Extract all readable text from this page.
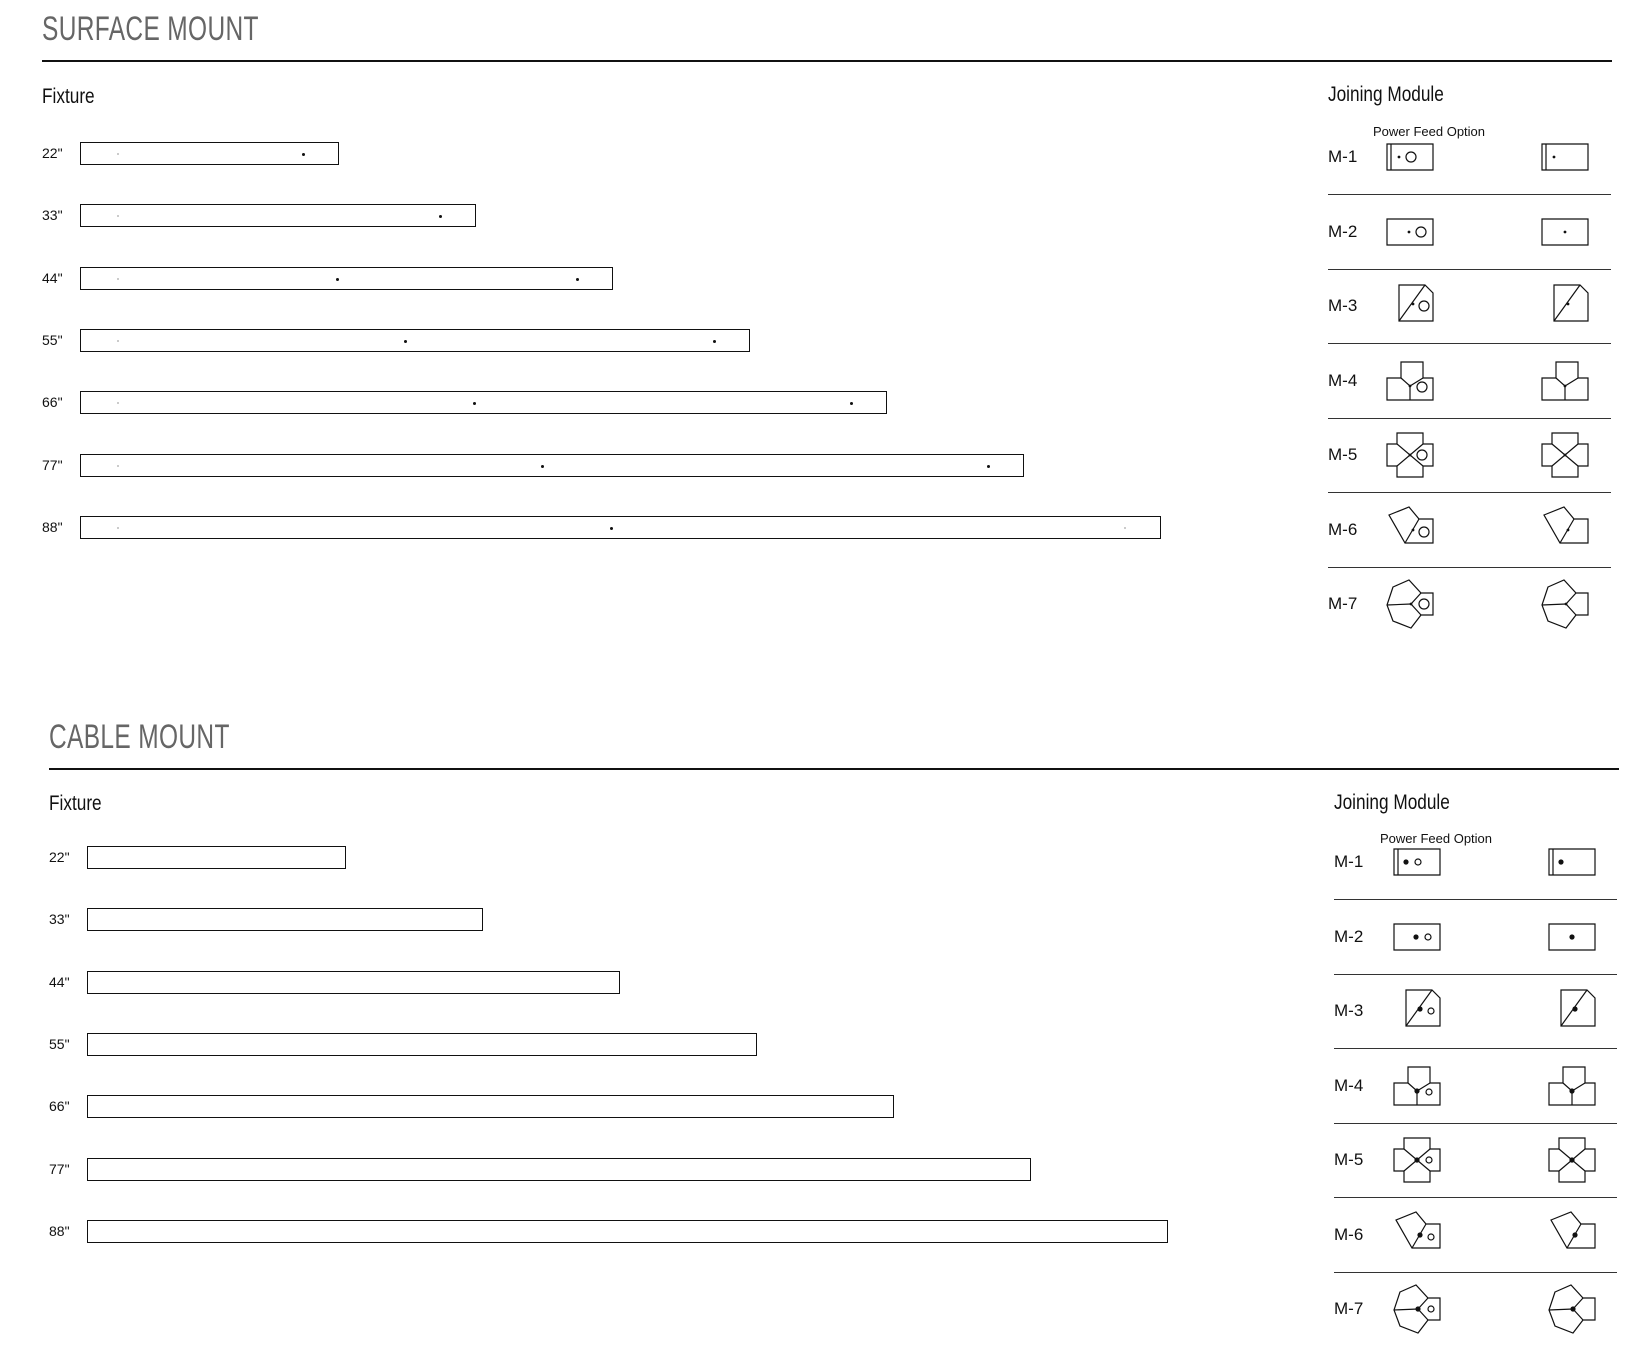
SURFACE MOUNT
Fixture	Joining Module
Power Feed Option
22"
33"
44"
55"
66"
77"
88"
M-1
M-2
M-3
M-4
M-5
M-6
M-7
CABLE MOUNT
Fixture	Joining Module
Power Feed Option
22"
33"
44"
55"
66"
77"
88"
M-1
M-2
M-3
M-4
M-5
M-6
M-7
